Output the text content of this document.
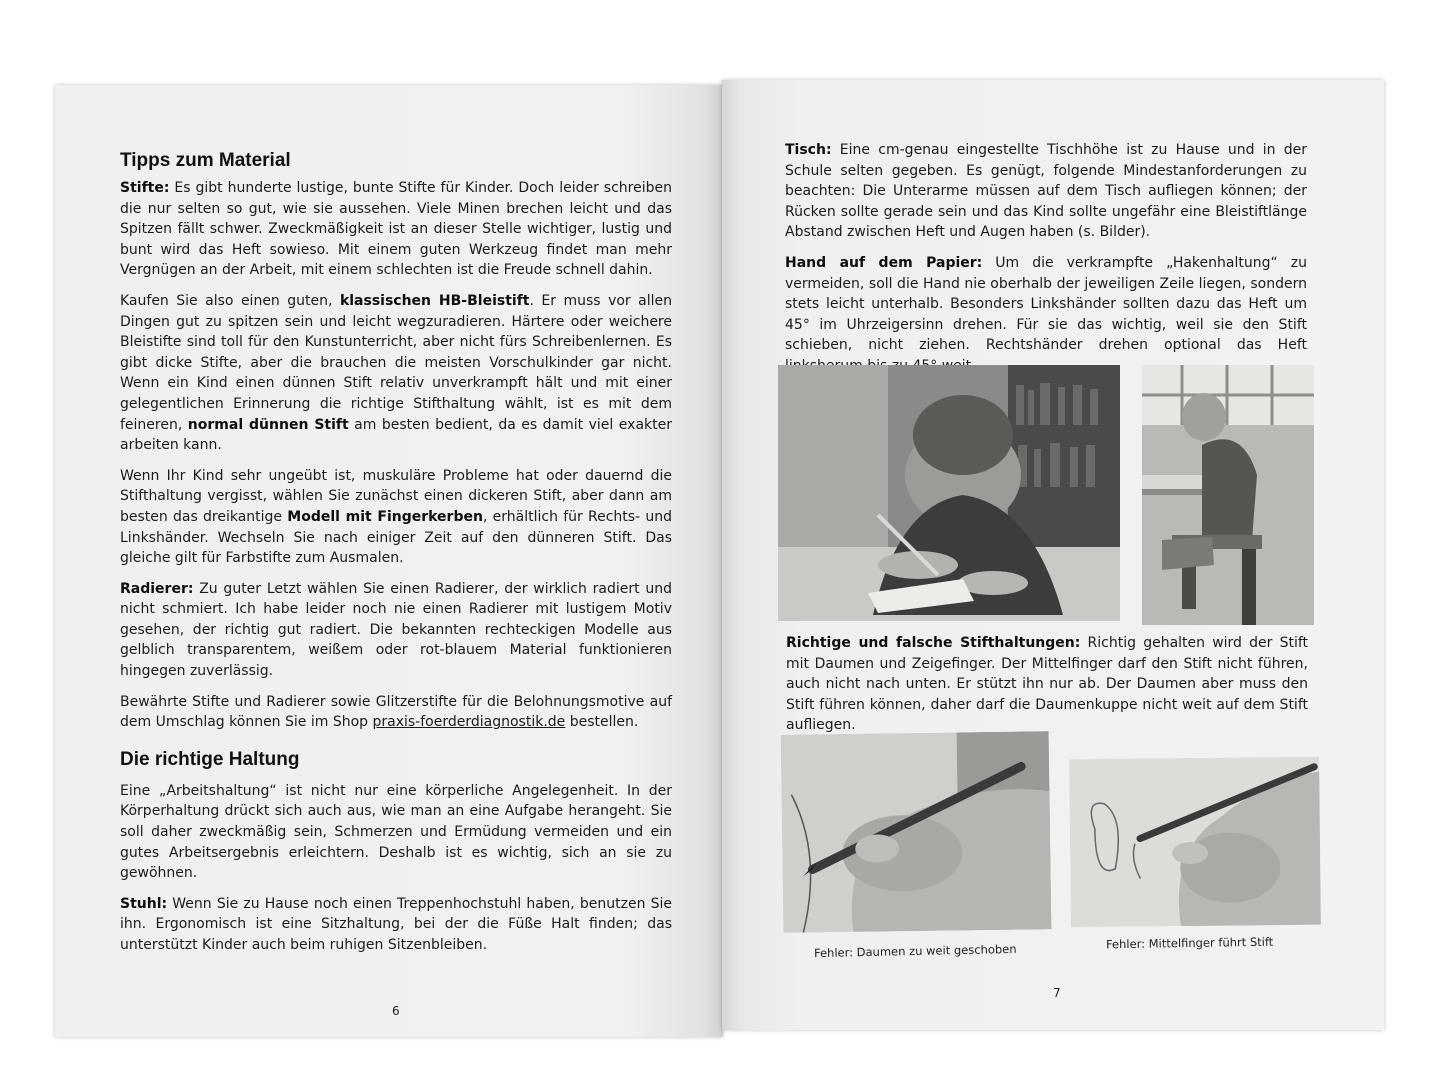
Tipps zum Material

Stifte: Es gibt hunderte lustige, bunte Stifte für Kinder. Doch leider schreiben die nur selten so gut, wie sie aussehen. Viele Minen brechen leicht und das Spitzen fällt schwer. Zweckmäßigkeit ist an dieser Stelle wichtiger, lustig und bunt wird das Heft sowieso. Mit einem guten Werkzeug findet man mehr Vergnügen an der Arbeit, mit einem schlechten ist die Freude schnell dahin.

Kaufen Sie also einen guten, klassischen HB-Bleistift. Er muss vor allen Dingen gut zu spitzen sein und leicht wegzuradieren. Härtere oder weichere Bleistifte sind toll für den Kunstunterricht, aber nicht fürs Schreibenlernen. Es gibt dicke Stifte, aber die brauchen die meisten Vorschulkinder gar nicht. Wenn ein Kind einen dünnen Stift relativ unverkrampft hält und mit einer gelegentlichen Erinnerung die richtige Stifthaltung wählt, ist es mit dem feineren, normal dünnen Stift am besten bedient, da es damit viel exakter arbeiten kann.

Wenn Ihr Kind sehr ungeübt ist, muskuläre Probleme hat oder dauernd die Stifthaltung vergisst, wählen Sie zunächst einen dickeren Stift, aber dann am besten das dreikantige Modell mit Fingerkerben, erhältlich für Rechts- und Linkshänder. Wechseln Sie nach einiger Zeit auf den dünneren Stift. Das gleiche gilt für Farbstifte zum Ausmalen.

Radierer: Zu guter Letzt wählen Sie einen Radierer, der wirklich radiert und nicht schmiert. Ich habe leider noch nie einen Radierer mit lustigem Motiv gesehen, der richtig gut radiert. Die bekannten rechteckigen Modelle aus gelblich transparentem, weißem oder rot-blauem Material funktionieren hingegen zuverlässig.

Bewährte Stifte und Radierer sowie Glitzerstifte für die Belohnungsmotive auf dem Umschlag können Sie im Shop praxis-foerderdiagnostik.de bestellen.

Die richtige Haltung

Eine „Arbeitshaltung“ ist nicht nur eine körperliche Angelegenheit. In der Körperhaltung drückt sich auch aus, wie man an eine Aufgabe herangeht. Sie soll daher zweckmäßig sein, Schmerzen und Ermüdung vermeiden und ein gutes Arbeitsergebnis erleichtern. Deshalb ist es wichtig, sich an sie zu gewöhnen.

Stuhl: Wenn Sie zu Hause noch einen Treppenhochstuhl haben, benutzen Sie ihn. Ergonomisch ist eine Sitzhaltung, bei der die Füße Halt finden; das unterstützt Kinder auch beim ruhigen Sitzenbleiben.

6

Tisch: Eine cm-genau eingestellte Tischhöhe ist zu Hause und in der Schule selten gegeben. Es genügt, folgende Mindestanforderungen zu beachten: Die Unterarme müssen auf dem Tisch aufliegen können; der Rücken sollte gerade sein und das Kind sollte ungefähr eine Bleistiftlänge Abstand zwischen Heft und Augen haben (s. Bilder).

Hand auf dem Papier: Um die verkrampfte „Hakenhaltung“ zu vermeiden, soll die Hand nie oberhalb der jeweiligen Zeile liegen, sondern stets leicht unterhalb. Besonders Linkshänder sollten dazu das Heft um 45° im Uhrzeigersinn drehen. Für sie das wichtig, weil sie den Stift schieben, nicht ziehen. Rechtshänder drehen optional das Heft

Richtige und falsche Stifthaltungen: Richtig gehalten wird der Stift mit Daumen und Zeigefinger. Der Mittelfinger darf den Stift nicht führen, auch nicht nach unten. Er stützt ihn nur ab. Der Daumen aber muss den Stift führen können, daher darf die Daumenkuppe nicht weit auf dem Stift aufliegen.

Fehler: Daumen zu weit geschoben	Fehler: Mittelfinger führt Stift
7
